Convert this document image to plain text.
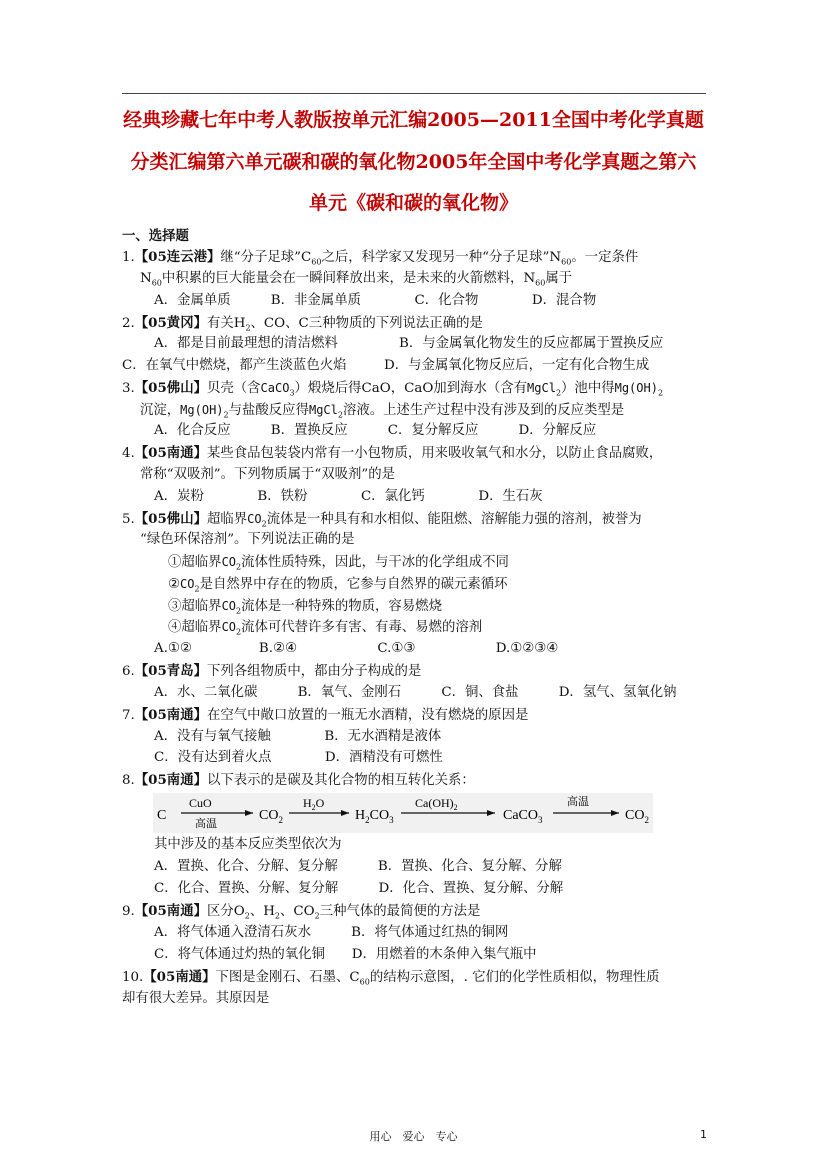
经典珍藏七年中考人教版按单元汇编2005—2011全国中考化学真题
分类汇编第六单元碳和碳的氧化物2005年全国中考化学真题之第六
单元《碳和碳的氧化物》
一、选择题
1.【05连云港】继“分子足球$”C_{60}$之后，科学家又发现另一种“分子足球$”N_{60}$。一定条件
$N_{60}$中积累的巨大能量会在一瞬间释放出来，是未来的火箭燃料，$N_{60}$属于
A．金属单质　　　B．非金属单质　　　　C．化合物　　　　D．混合物
2.【05黄冈】有关$H_2$、CO、C三种物质的下列说法正确的是
A．都是目前最理想的清洁燃料	B．与金属氧化物发生的反应都属于置换反应
C．在氧气中燃烧，都产生淡蓝色火焰	D．与金属氧化物反应后，一定有化合物生成
3.【05佛山】贝壳（含CaCO$_3$）煅烧后得CaO，CaO加到海水（含有MgCl$_2$）池中得$Mg(OH)_2$
沉淀，$Mg(OH)_2$与盐酸反应得MgCl$_2$溶液。上述生产过程中没有涉及到的反应类型是
A．化合反应　　　B．置换反应　　　C．复分解反应　　　D．分解反应
4.【05南通】某些食品包装袋内常有一小包物质，用来吸收氧气和水分，以防止食品腐败，
常称“双吸剂”。下列物质属于“双吸剂”的是
A．炭粉　　　　B．铁粉　　　　C．氯化钙　　　　D．生石灰
5.【05佛山】超临界$CO_2$流体是一种具有和水相似、能阻燃、溶解能力强的溶剂，被誉为
“绿色环保溶剂”。下列说法正确的是
①超临界$CO_2$流体性质特殊，因此，与干冰的化学组成不同
$②CO_2$是自然界中存在的物质，它参与自然界的碳元素循环
③超临界$CO_2$流体是一种特殊的物质，容易燃烧
④超临界$CO_2$流体可代替许多有害、有毒、易燃的溶剂
A.①②　　　　　B.②④　　　　　　C.①③　　　　　　D.①②③④
6.【05青岛】下列各组物质中，都由分子构成的是
A．水、二氧化碳　　　B．氧气、金刚石　　　C．铜、食盐　　　D．氢气、氢氧化钠
7.【05南通】在空气中敞口放置的一瓶无水酒精，没有燃烧的原因是
A．没有与氧气接触　　　　B．无水酒精是液体
C．没有达到着火点　　　　D．酒精没有可燃性
8.【05南通】以下表示的是碳及其化合物的相互转化关系：
C
CuO
高温
$CO_2$
$H_2O$
$H_2CO_3$
$Ca(OH)_2$
CaCO$_3$
高温
$CO_2$
其中涉及的基本反应类型依次为
A．置换、化合、分解、复分解　　　B．置换、化合、复分解、分解
C．化合、置换、分解、复分解　　　D．化合、置换、复分解、分解
9.【05南通】区分$O_2$、$H_2$、$CO_2$三种气体的最简便的方法是
A．将气体通入澄清石灰水　　　B．将气体通过红热的铜网
C．将气体通过灼热的氧化铜　　D．用燃着的木条伸入集气瓶中
10.【05南通】下图是金刚石、石墨、$C_{60}$的结构示意图，. 它们的化学性质相似，物理性质
却有很大差异。其原因是
用心　爱心　专心	1
